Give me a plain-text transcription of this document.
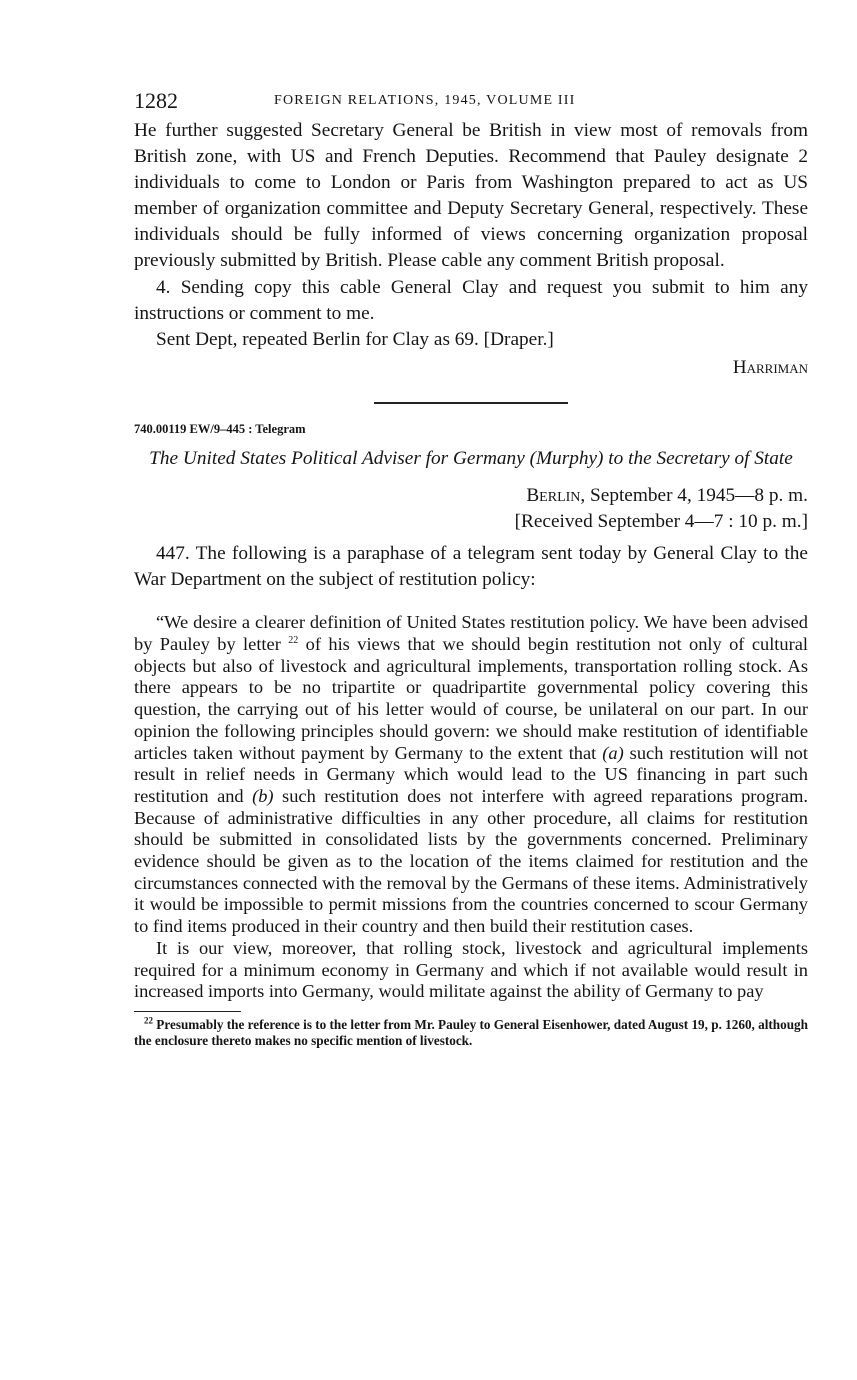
1282	FOREIGN RELATIONS, 1945, VOLUME III

He further suggested Secretary General be British in view most of removals from British zone, with US and French Deputies. Recommend that Pauley designate 2 individuals to come to London or Paris from Washington prepared to act as US member of organization committee and Deputy Secretary General, respectively. These individuals should be fully informed of views concerning organization proposal previously submitted by British. Please cable any comment British proposal.

4. Sending copy this cable General Clay and request you submit to him any instructions or comment to me.

Sent Dept, repeated Berlin for Clay as 69. [Draper.]

Harriman
740.00119 EW/9–445 : Telegram
The United States Political Adviser for Germany (Murphy) to the Secretary of State
Berlin, September 4, 1945—8 p. m.
[Received September 4—7 : 10 p. m.]

447. The following is a paraphase of a telegram sent today by General Clay to the War Department on the subject of restitution policy:

“We desire a clearer definition of United States restitution policy. We have been advised by Pauley by letter $^{22}$ of his views that we should begin restitution not only of cultural objects but also of livestock and agricultural implements, transportation rolling stock. As there appears to be no tripartite or quadripartite governmental policy covering this question, the carrying out of his letter would of course, be unilateral on our part. In our opinion the following principles should govern: we should make restitution of identifiable articles taken without payment by Germany to the extent that (a) such restitution will not result in relief needs in Germany which would lead to the US financing in part such restitution and (b) such restitution does not interfere with agreed reparations program. Because of administrative difficulties in any other procedure, all claims for restitution should be submitted in consolidated lists by the governments concerned. Preliminary evidence should be given as to the location of the items claimed for restitution and the circumstances connected with the removal by the Germans of these items. Administratively it would be impossible to permit missions from the countries concerned to scour Germany to find items produced in their country and then build their restitution cases.

It is our view, moreover, that rolling stock, livestock and agricultural implements required for a minimum economy in Germany and which if not available would result in increased imports into Germany, would militate against the ability of Germany to pay

$^{22}$ Presumably the reference is to the letter from Mr. Pauley to General Eisenhower, dated August 19, p. 1260, although the enclosure thereto makes no specific mention of livestock.
